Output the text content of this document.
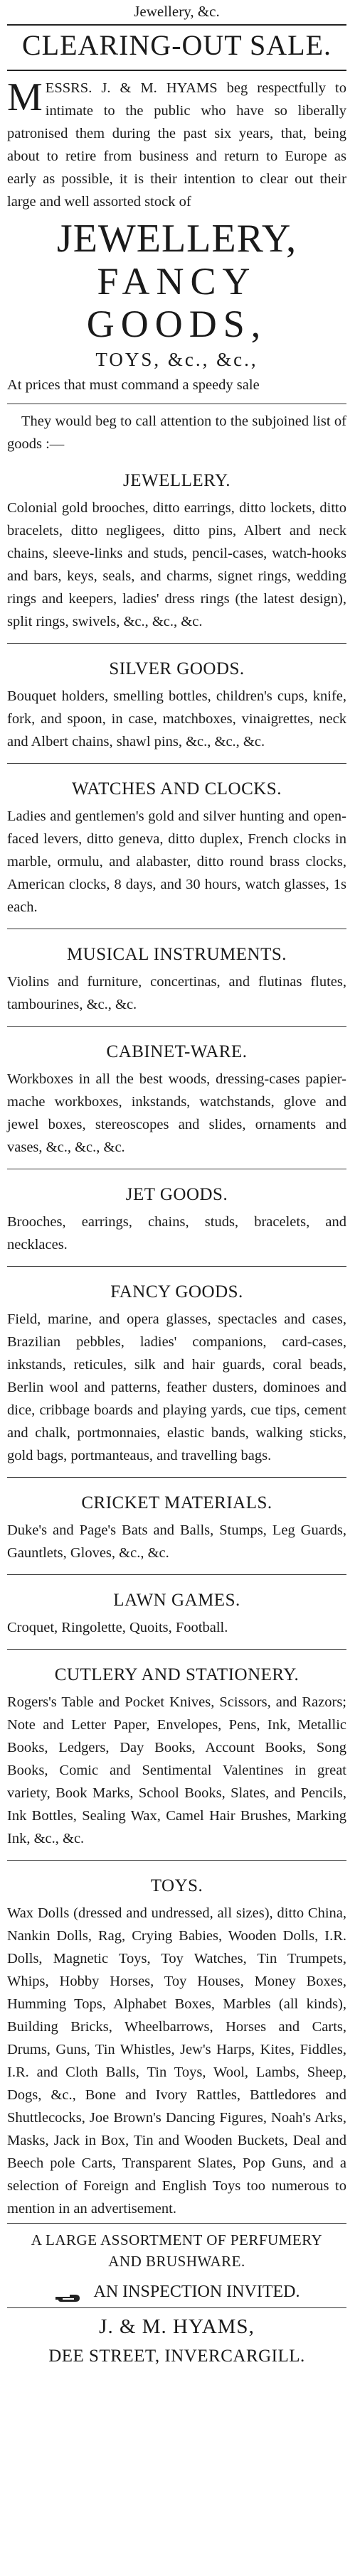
Jewellery, &c.
CLEARING-OUT SALE.
M ESSRS. J. & M. HYAMS beg respectfully to intimate to the public who have so liberally patronised them during the past six years, that, being about to retire from business and return to Europe as early as possible, it is their intention to clear out their large and well assorted stock of

JEWELLERY,
FANCY GOODS,
TOYS, &c., &c.,

At prices that must command a speedy sale

They would beg to call attention to the subjoined list of goods :—

JEWELLERY.

Colonial gold brooches, ditto earrings, ditto lockets, ditto bracelets, ditto negligees, ditto pins, Albert and neck chains, sleeve-links and studs, pencil-cases, watch-hooks and bars, keys, seals, and charms, signet rings, wedding rings and keepers, ladies' dress rings (the latest design), split rings, swivels, &c., &c., &c.

SILVER GOODS.

Bouquet holders, smelling bottles, children's cups, knife, fork, and spoon, in case, matchboxes, vinaigrettes, neck and Albert chains, shawl pins, &c., &c., &c.

WATCHES AND CLOCKS.

Ladies and gentlemen's gold and silver hunting and open-faced levers, ditto geneva, ditto duplex, French clocks in marble, ormulu, and alabaster, ditto round brass clocks, American clocks, 8 days, and 30 hours, watch glasses, 1s each.

MUSICAL INSTRUMENTS.

Violins and furniture, concertinas, and flutinas flutes, tambourines, &c., &c.

CABINET-WARE.

Workboxes in all the best woods, dressing-cases papier-mache workboxes, inkstands, watchstands, glove and jewel boxes, stereoscopes and slides, ornaments and vases, &c., &c., &c.

JET GOODS.

Brooches, earrings, chains, studs, bracelets, and necklaces.

FANCY GOODS.

Field, marine, and opera glasses, spectacles and cases, Brazilian pebbles, ladies' companions, card-cases, inkstands, reticules, silk and hair guards, coral beads, Berlin wool and patterns, feather dusters, dominoes and dice, cribbage boards and playing yards, cue tips, cement and chalk, portmonnaies, elastic bands, walking sticks, gold bags, portmanteaus, and travelling bags.

CRICKET MATERIALS.

Duke's and Page's Bats and Balls, Stumps, Leg Guards, Gauntlets, Gloves, &c., &c.

LAWN GAMES.

Croquet, Ringolette, Quoits, Football.

CUTLERY AND STATIONERY.

Rogers's Table and Pocket Knives, Scissors, and Razors; Note and Letter Paper, Envelopes, Pens, Ink, Metallic Books, Ledgers, Day Books, Account Books, Song Books, Comic and Sentimental Valentines in great variety, Book Marks, School Books, Slates, and Pencils, Ink Bottles, Sealing Wax, Camel Hair Brushes, Marking Ink, &c., &c.

TOYS.

Wax Dolls (dressed and undressed, all sizes), ditto China, Nankin Dolls, Rag, Crying Babies, Wooden Dolls, I.R. Dolls, Magnetic Toys, Toy Watches, Tin Trumpets, Whips, Hobby Horses, Toy Houses, Money Boxes, Humming Tops, Alphabet Boxes, Marbles (all kinds), Building Bricks, Wheelbarrows, Horses and Carts, Drums, Guns, Tin Whistles, Jew's Harps, Kites, Fiddles, I.R. and Cloth Balls, Tin Toys, Wool, Lambs, Sheep, Dogs, &c., Bone and Ivory Rattles, Battledores and Shuttlecocks, Joe Brown's Dancing Figures, Noah's Arks, Masks, Jack in Box, Tin and Wooden Buckets, Deal and Beech pole Carts, Transparent Slates, Pop Guns, and a selection of Foreign and English Toys too numerous to mention in an advertisement.

A LARGE ASSORTMENT OF PERFUMERY
AND BRUSHWARE.
AN INSPECTION INVITED.
J. & M. HYAMS,
DEE STREET, INVERCARGILL.
